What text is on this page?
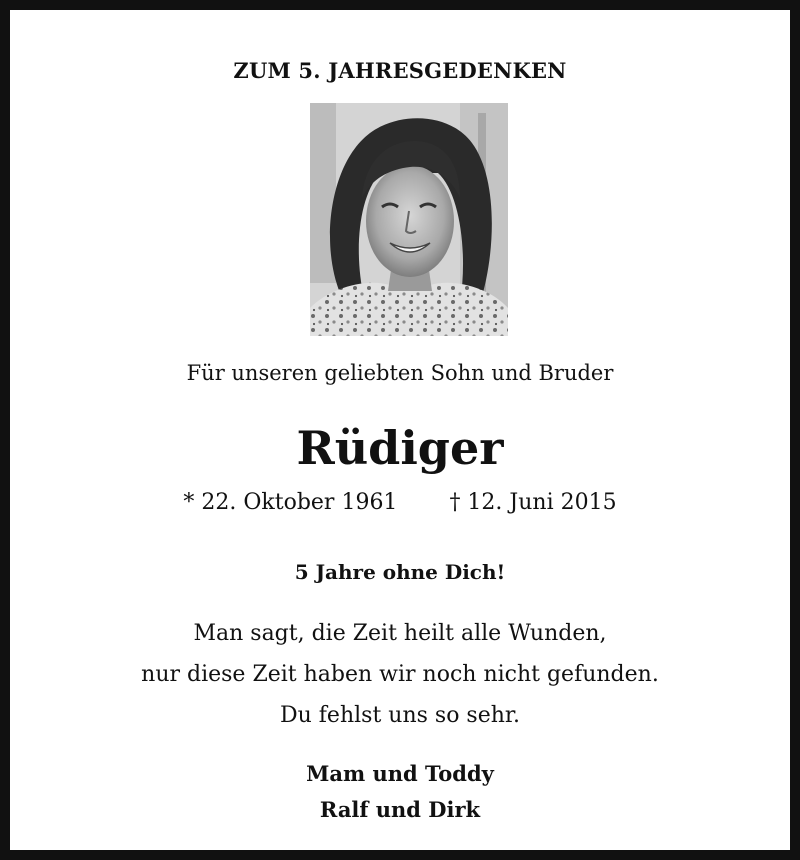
ZUM 5. JAHRESGEDENKEN
Für unseren geliebten Sohn und Bruder
Rüdiger
* 22. Oktober 1961 † 12. Juni 2015
5 Jahre ohne Dich!
Man sagt, die Zeit heilt alle Wunden,
nur diese Zeit haben wir noch nicht gefunden.
Du fehlst uns so sehr.
Mam und Toddy
Ralf und Dirk
